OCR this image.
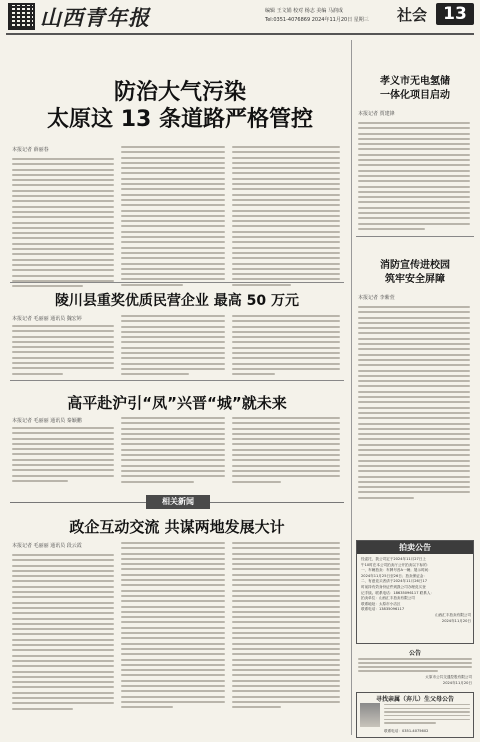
山西青年报	编辑 王文娟 校对 杨志 美编 马润成
Tel:0351-4076869 2024年11月20日 星期三 社会 13
防治大气污染
太原这 13 条道路严格管控
本报记者 薛丽春
陵川县重奖优质民营企业 最高 50 万元
本报记者 毛丽丽 通讯员 魏宏婷
高平赴沪引“凤”兴晋“城”就未来
本报记者 毛丽丽 通讯员 秦颖鹏
相关新闻
政企互动交流 共谋两地发展大计
本报记者 毛丽丽 通讯员 段云霞
孝义市无电氢储
一体化项目启动
本报记者 贾建锋
消防宣传进校园
筑牢安全屏障
本报记者 李紫萱
拍卖公告
经委托，我公司定于2024年11月27日上
午10时在本公司拍卖厅公开拍卖以下标的：
一、车辆拍卖：车牌号晋A一辆；展示时间：
2024年11月25日至26日；拍卖保证金：
二、有意竞买者请于2024年11月26日17
时前持有效身份证件到我公司办理竞买登
记手续。联系电话：18635096117 联系人：
拍卖单位：山西汇丰拍卖有限公司
联系地址：太原市小店区
联系电话：13835096117
山西汇丰拍卖有限公司
2024年11月20日
公告
太原市公共交通控股有限公司
2024年11月20日
寻找亲属（弃儿）生父母公告
联系电话：0351-4075602
